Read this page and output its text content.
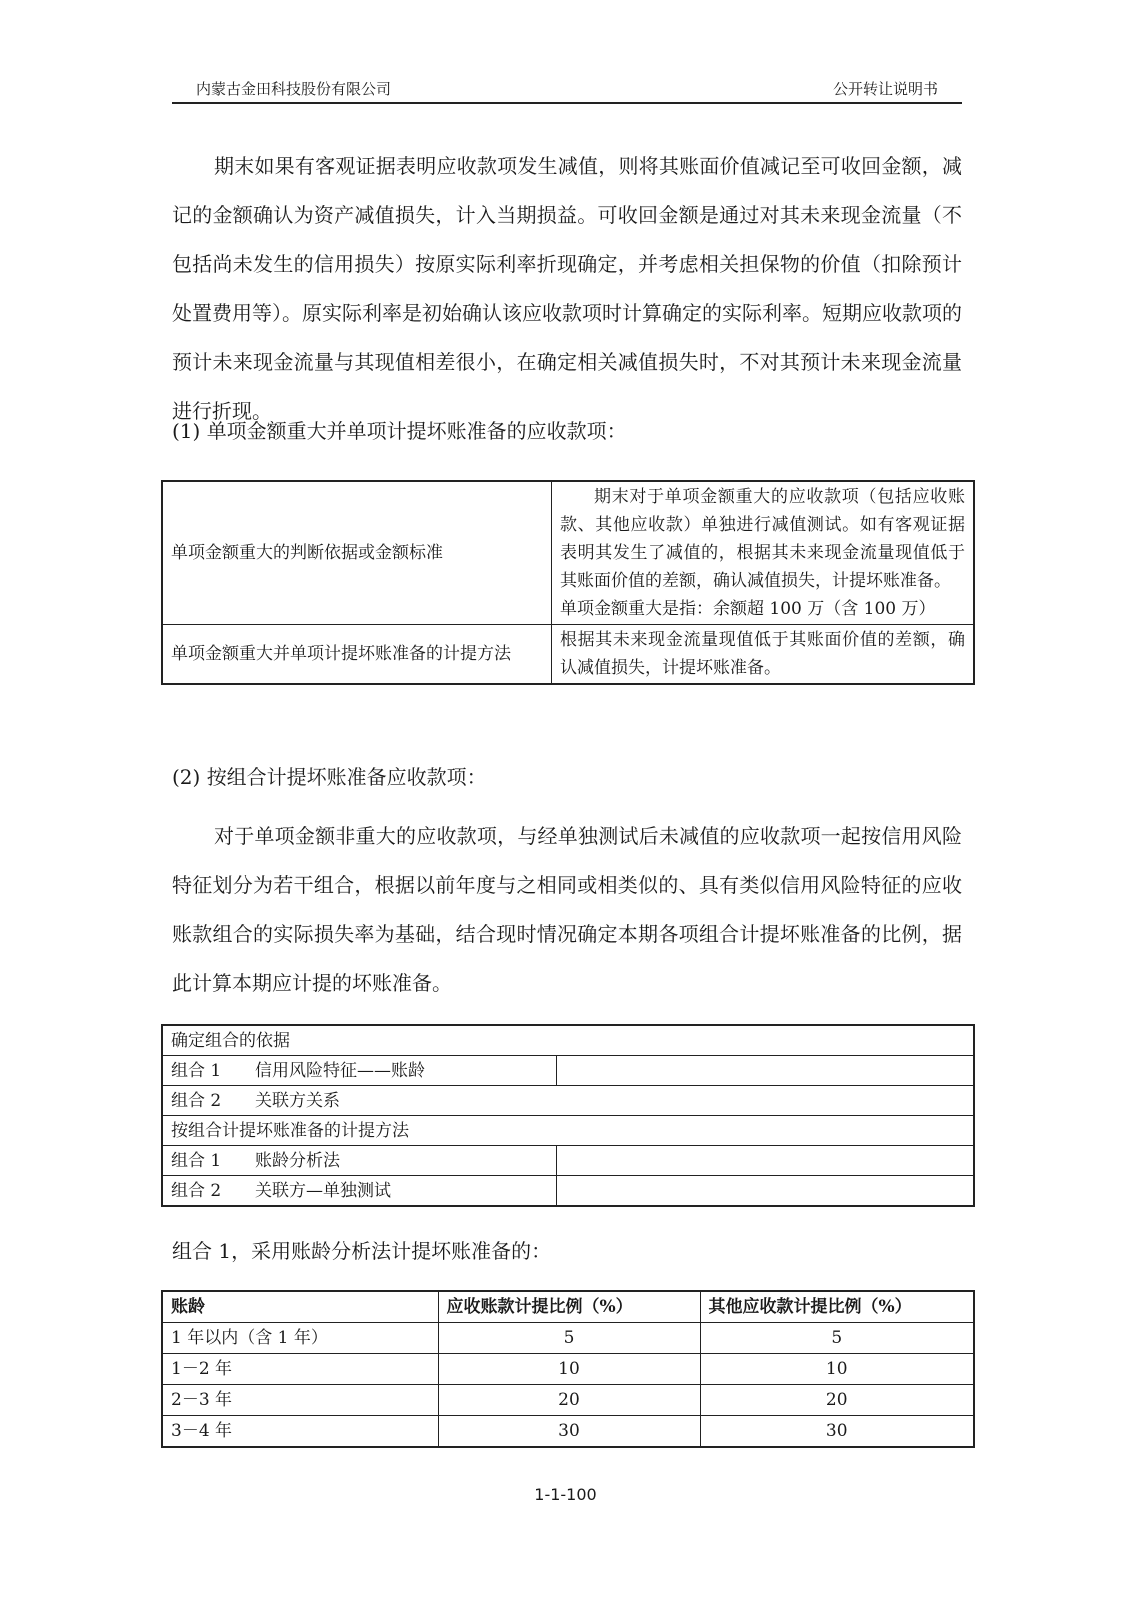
内蒙古金田科技股份有限公司	公开转让说明书

期末如果有客观证据表明应收款项发生减值，则将其账面价值减记至可收回金额，减记的金额确认为资产减值损失，计入当期损益。可收回金额是通过对其未来现金流量（不包括尚未发生的信用损失）按原实际利率折现确定，并考虑相关担保物的价值（扣除预计处置费用等）。原实际利率是初始确认该应收款项时计算确定的实际利率。短期应收款项的预计未来现金流量与其现值相差很小，在确定相关减值损失时，不对其预计未来现金流量进行折现。

(1) 单项金额重大并单项计提坏账准备的应收款项：

单项金额重大的判断依据或金额标准	期末对于单项金额重大的应收款项（包括应收账款、其他应收款）单独进行减值测试。如有客观证据表明其发生了减值的，根据其未来现金流量现值低于其账面价值的差额，确认减值损失，计提坏账准备。

单项金额重大是指：余额超 100 万（含 100 万）

单项金额重大并单项计提坏账准备的计提方法	根据其未来现金流量现值低于其账面价值的差额，确认减值损失，计提坏账准备。

(2) 按组合计提坏账准备应收款项：

对于单项金额非重大的应收款项，与经单独测试后未减值的应收款项一起按信用风险特征划分为若干组合，根据以前年度与之相同或相类似的、具有类似信用风险特征的应收账款组合的实际损失率为基础，结合现时情况确定本期各项组合计提坏账准备的比例，据此计算本期应计提的坏账准备。

确定组合的依据	
组合 1 信用风险特征——账龄	
组合 2 关联方关系	
按组合计提坏账准备的计提方法	
组合 1 账龄分析法	
组合 2 关联方—单独测试	

组合 1，采用账龄分析法计提坏账准备的：

账龄	应收账款计提比例（%）	其他应收款计提比例（%）
1 年以内（含 1 年）	5	5
1－2 年	10	10
2－3 年	20	20
3－4 年	30	30
1-1-100
